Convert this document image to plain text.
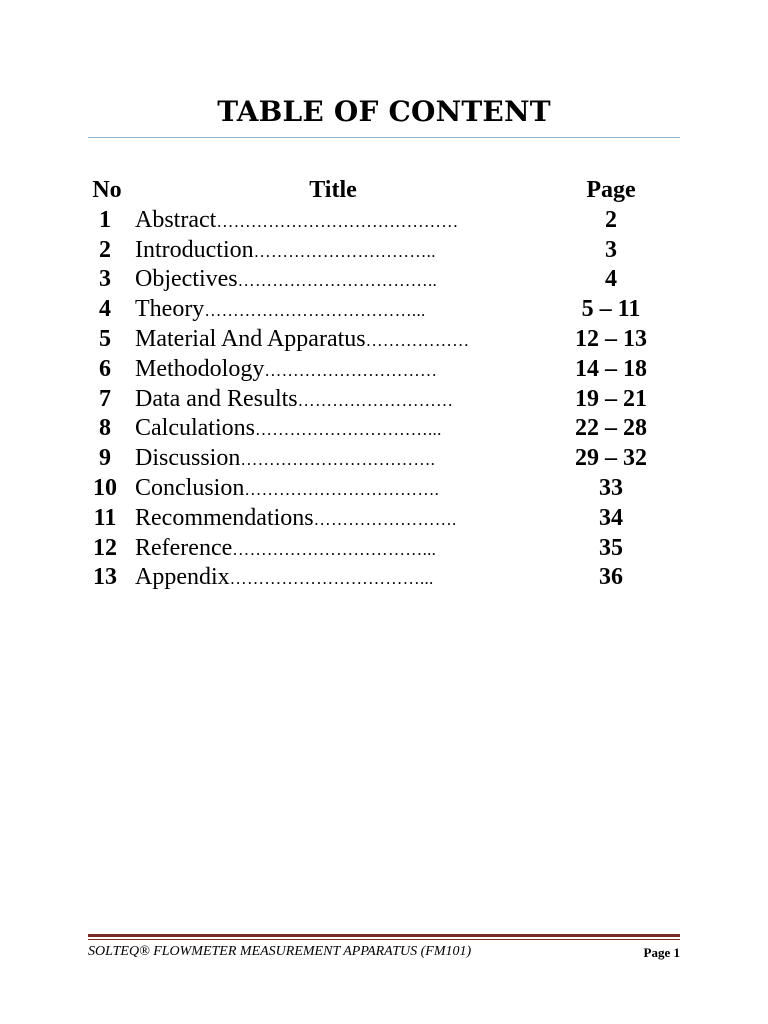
TABLE OF CONTENT
No	Title	Page
1	Abstract……………………………………	2
2	Introduction…………………………..	3
3	Objectives……………………………..	4
4	Theory………………………………...	5 – 11
5	Material And Apparatus………………	12 – 13
6	Methodology…………………………	14 – 18
7	Data and Results………………………	19 – 21
8	Calculations…………………………...	22 – 28
9	Discussion…………………………….	29 – 32
10 Conclusion…………………………….	33
11 Recommendations…………………….	34
12 Reference……………………………...	35
13 Appendix……………………………...	36
SOLTEQ® FLOWMETER MEASUREMENT APPARATUS (FM101)	Page 1
